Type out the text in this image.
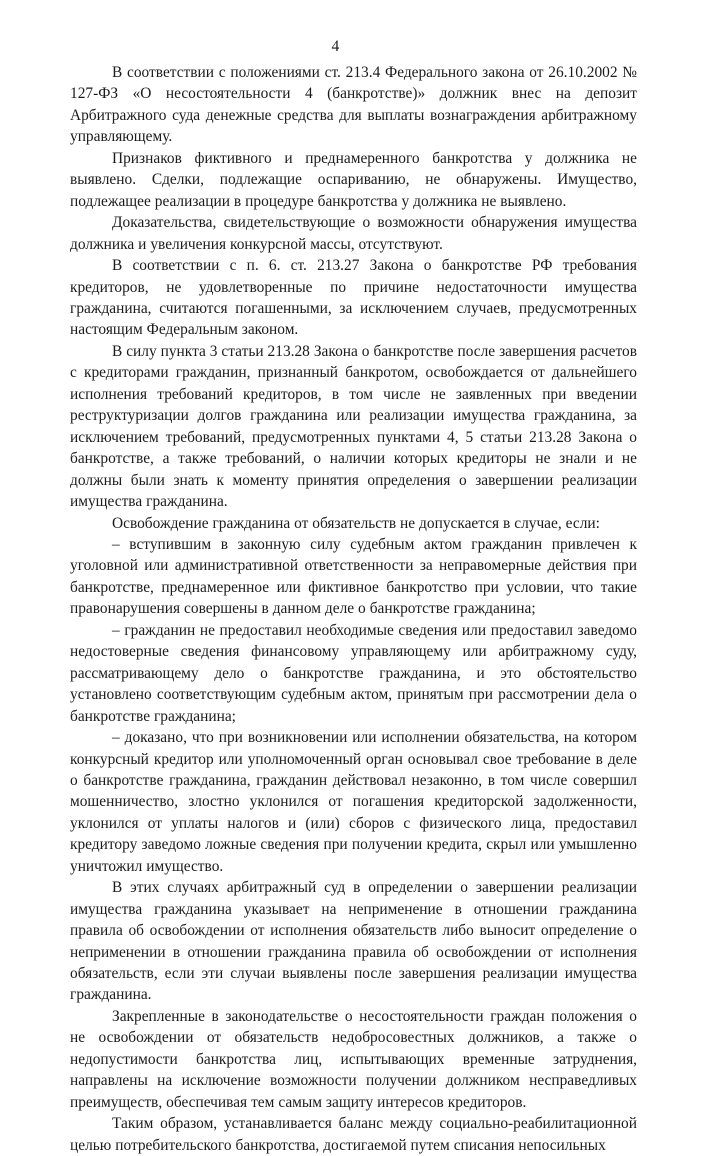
4

В соответствии с положениями ст. 213.4 Федерального закона от 26.10.2002 № 127-ФЗ «О несостоятельности 4 (банкротстве)» должник внес на депозит Арбитражного суда денежные средства для выплаты вознаграждения арбитражному управляющему.

Признаков фиктивного и преднамеренного банкротства у должника не выявлено. Сделки, подлежащие оспариванию, не обнаружены. Имущество, подлежащее реализации в процедуре банкротства у должника не выявлено.

Доказательства, свидетельствующие о возможности обнаружения имущества должника и увеличения конкурсной массы, отсутствуют.

В соответствии с п. 6. ст. 213.27 Закона о банкротстве РФ требования кредиторов, не удовлетворенные по причине недостаточности имущества гражданина, считаются погашенными, за исключением случаев, предусмотренных настоящим Федеральным законом.

В силу пункта 3 статьи 213.28 Закона о банкротстве после завершения расчетов с кредиторами гражданин, признанный банкротом, освобождается от дальнейшего исполнения требований кредиторов, в том числе не заявленных при введении реструктуризации долгов гражданина или реализации имущества гражданина, за исключением требований, предусмотренных пунктами 4, 5 статьи 213.28 Закона о банкротстве, а также требований, о наличии которых кредиторы не знали и не должны были знать к моменту принятия определения о завершении реализации имущества гражданина.

Освобождение гражданина от обязательств не допускается в случае, если:

– вступившим в законную силу судебным актом гражданин привлечен к уголовной или административной ответственности за неправомерные действия при банкротстве, преднамеренное или фиктивное банкротство при условии, что такие правонарушения совершены в данном деле о банкротстве гражданина;

– гражданин не предоставил необходимые сведения или предоставил заведомо недостоверные сведения финансовому управляющему или арбитражному суду, рассматривающему дело о банкротстве гражданина, и это обстоятельство установлено соответствующим судебным актом, принятым при рассмотрении дела о банкротстве гражданина;

– доказано, что при возникновении или исполнении обязательства, на котором конкурсный кредитор или уполномоченный орган основывал свое требование в деле о банкротстве гражданина, гражданин действовал незаконно, в том числе совершил мошенничество, злостно уклонился от погашения кредиторской задолженности, уклонился от уплаты налогов и (или) сборов с физического лица, предоставил кредитору заведомо ложные сведения при получении кредита, скрыл или умышленно уничтожил имущество.

В этих случаях арбитражный суд в определении о завершении реализации имущества гражданина указывает на неприменение в отношении гражданина правила об освобождении от исполнения обязательств либо выносит определение о неприменении в отношении гражданина правила об освобождении от исполнения обязательств, если эти случаи выявлены после завершения реализации имущества гражданина.

Закрепленные в законодательстве о несостоятельности граждан положения о не освобождении от обязательств недобросовестных должников, а также о недопустимости банкротства лиц, испытывающих временные затруднения, направлены на исключение возможности получении должником несправедливых преимуществ, обеспечивая тем самым защиту интересов кредиторов.

Таким образом, устанавливается баланс между социально-реабилитационной целью потребительского банкротства, достигаемой путем списания непосильных
